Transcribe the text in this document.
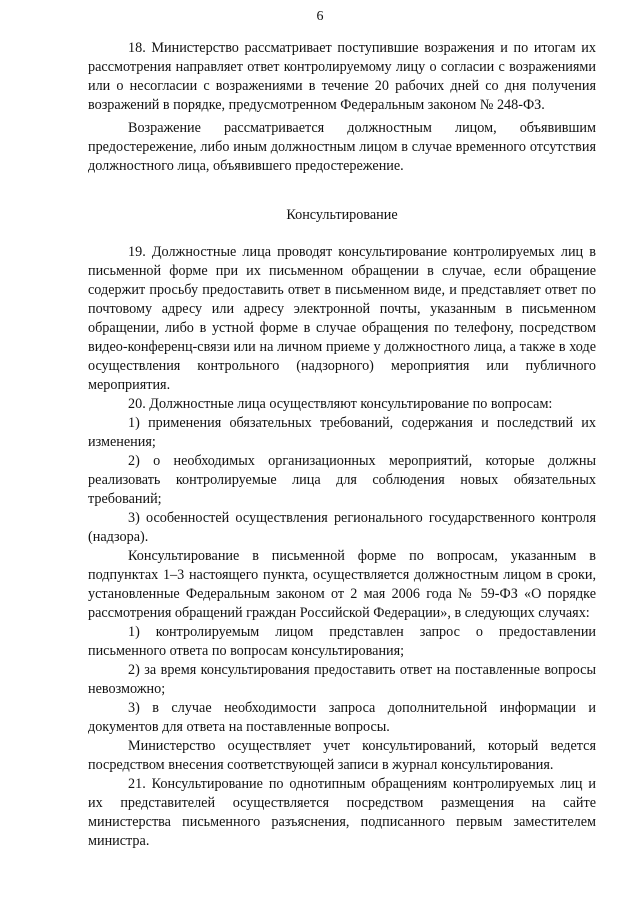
6

18. Министерство рассматривает поступившие возражения и по итогам их рассмотрения направляет ответ контролируемому лицу о согласии с возражениями или о несогласии с возражениями в течение 20 рабочих дней со дня получения возражений в порядке, предусмотренном Федеральным законом № 248-ФЗ.

Возражение рассматривается должностным лицом, объявившим предостережение, либо иным должностным лицом в случае временного отсутствия должностного лица, объявившего предостережение.

Консультирование

19. Должностные лица проводят консультирование контролируемых лиц в письменной форме при их письменном обращении в случае, если обращение содержит просьбу предоставить ответ в письменном виде, и представляет ответ по почтовому адресу или адресу электронной почты, указанным в письменном обращении, либо в устной форме в случае обращения по телефону, посредством видео-конференц-связи или на личном приеме у должностного лица, а также в ходе осуществления контрольного (надзорного) мероприятия или публичного мероприятия.

20. Должностные лица осуществляют консультирование по вопросам:

1) применения обязательных требований, содержания и последствий их изменения;

2) о необходимых организационных мероприятий, которые должны реализовать контролируемые лица для соблюдения новых обязательных требований;

3) особенностей осуществления регионального государственного контроля (надзора).

Консультирование в письменной форме по вопросам, указанным в подпунктах 1–3 настоящего пункта, осуществляется должностным лицом в сроки, установленные Федеральным законом от 2 мая 2006 года № 59-ФЗ «О порядке рассмотрения обращений граждан Российской Федерации», в следующих случаях:

1) контролируемым лицом представлен запрос о предоставлении письменного ответа по вопросам консультирования;

2) за время консультирования предоставить ответ на поставленные вопросы невозможно;

3) в случае необходимости запроса дополнительной информации и документов для ответа на поставленные вопросы.

Министерство осуществляет учет консультирований, который ведется посредством внесения соответствующей записи в журнал консультирования.

21. Консультирование по однотипным обращениям контролируемых лиц и их представителей осуществляется посредством размещения на сайте министерства письменного разъяснения, подписанного первым заместителем министра.
